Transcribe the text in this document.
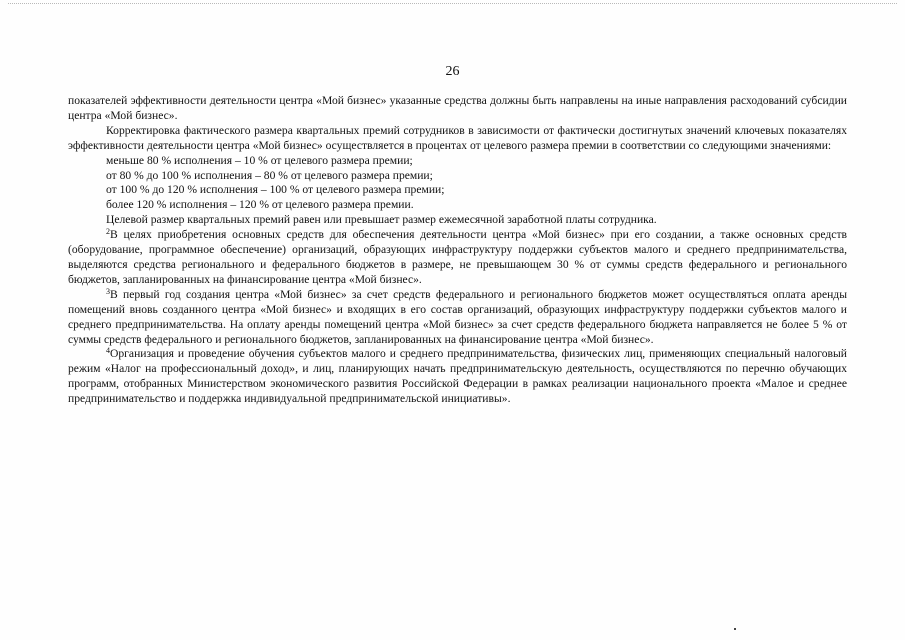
26

показателей эффективности деятельности центра «Мой бизнес» указанные средства должны быть направлены на иные направления расходований субсидии центра «Мой бизнес».

Корректировка фактического размера квартальных премий сотрудников в зависимости от фактически достигнутых значений ключевых показателях эффективности деятельности центра «Мой бизнес» осуществляется в процентах от целевого размера премии в соответствии со следующими значениями:

меньше 80 % исполнения – 10 % от целевого размера премии;

от 80 % до 100 % исполнения – 80 % от целевого размера премии;

от 100 % до 120 % исполнения – 100 % от целевого размера премии;

более 120 % исполнения – 120 % от целевого размера премии.

Целевой размер квартальных премий равен или превышает размер ежемесячной заработной платы сотрудника.

$^2$В целях приобретения основных средств для обеспечения деятельности центра «Мой бизнес» при его создании, а также основных средств (оборудование, программное обеспечение) организаций, образующих инфраструктуру поддержки субъектов малого и среднего предпринимательства, выделяются средства регионального и федерального бюджетов в размере, не превышающем 30 % от суммы средств федерального и регионального бюджетов, запланированных на финансирование центра «Мой бизнес».

$^3$В первый год создания центра «Мой бизнес» за счет средств федерального и регионального бюджетов может осуществляться оплата аренды помещений вновь созданного центра «Мой бизнес» и входящих в его состав организаций, образующих инфраструктуру поддержки субъектов малого и среднего предпринимательства. На оплату аренды помещений центра «Мой бизнес» за счет средств федерального бюджета направляется не более 5 % от суммы средств федерального и регионального бюджетов, запланированных на финансирование центра «Мой бизнес».

$^4$Организация и проведение обучения субъектов малого и среднего предпринимательства, физических лиц, применяющих специальный налоговый режим «Налог на профессиональный доход», и лиц, планирующих начать предпринимательскую деятельность, осуществляются по перечню обучающих программ, отобранных Министерством экономического развития Российской Федерации в рамках реализации национального проекта «Малое и среднее предпринимательство и поддержка индивидуальной предпринимательской инициативы».
